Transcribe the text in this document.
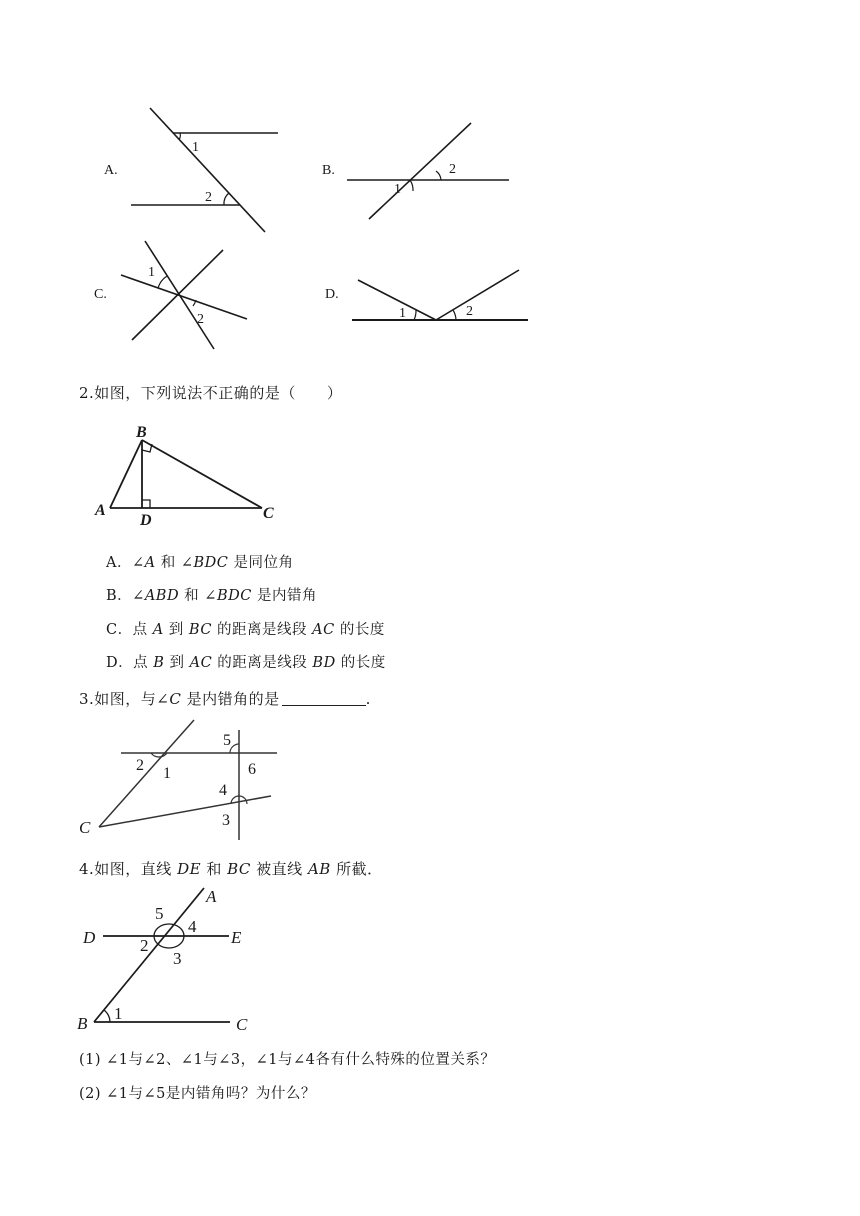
A.	B.
C.	D.
1
2
1
2
1
2	1	2
2.如图，下列说法不正确的是（　　）
B
A
D	C
A．∠A 和 ∠BDC 是同位角
B．∠ABD 和 ∠BDC 是内错角
C．点 A 到 BC 的距离是线段 AC 的长度
D．点 B 到 AC 的距离是线段 BD 的长度
3.如图，与∠C 是内错角的是	.
5
2 1	6
4
3
C
4.如图，直线 DE 和 BC 被直线 AB 所截．
A
5
4
D	2	E
3
B
1
C
(1) ∠1与∠2、∠1与∠3，∠1与∠4各有什么特殊的位置关系？
(2) ∠1与∠5是内错角吗？为什么？
